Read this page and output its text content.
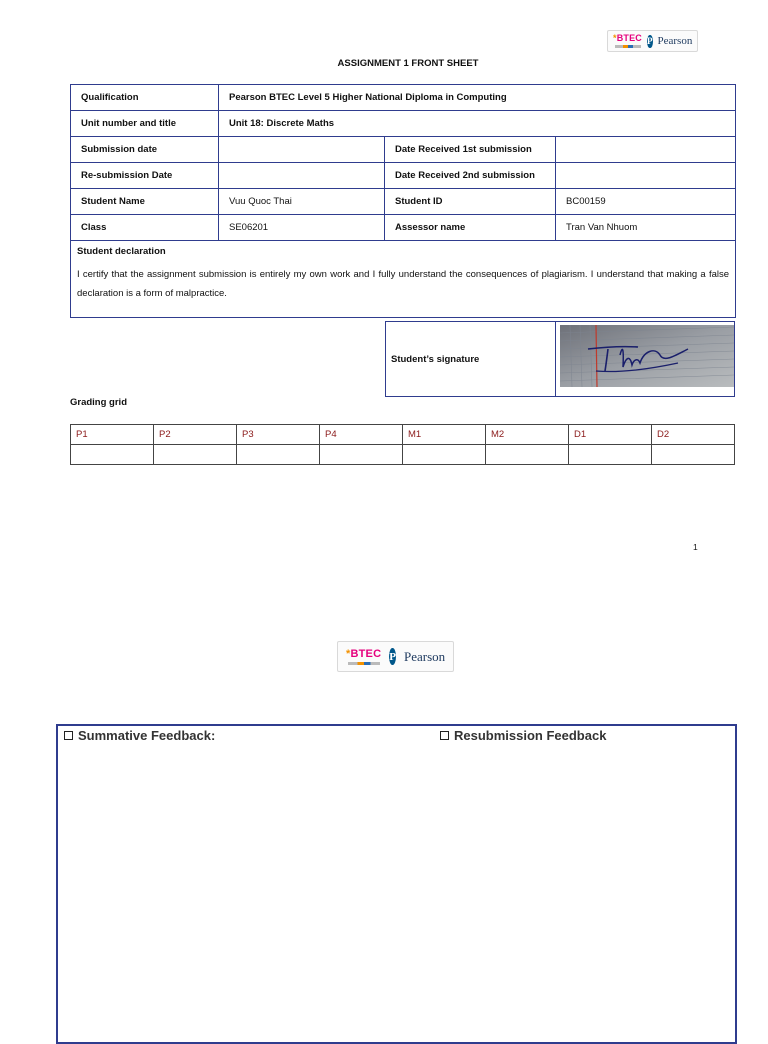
*BTEC P Pearson
ASSIGNMENT 1 FRONT SHEET
Qualification	Pearson BTEC Level 5 Higher National Diploma in Computing		
Unit number and title	Unit 18: Discrete Maths		
Submission date		Date Received 1st submission	
Re-submission Date		Date Received 2nd submission	
Student Name	Vuu Quoc Thai	Student ID	BC00159
Class	SE06201	Assessor name	Tran Van Nhuom

Student declaration
I certify that the assignment submission is entirely my own work and I fully understand the consequences of plagiarism. I understand that making a false declaration is a form of malpractice.			
Student’s signature	
Grading grid
P1	P2	P3	P4	M1	M2	D1	D2

1
*BTEC P Pearson
Summative Feedback:	Resubmission Feedback
